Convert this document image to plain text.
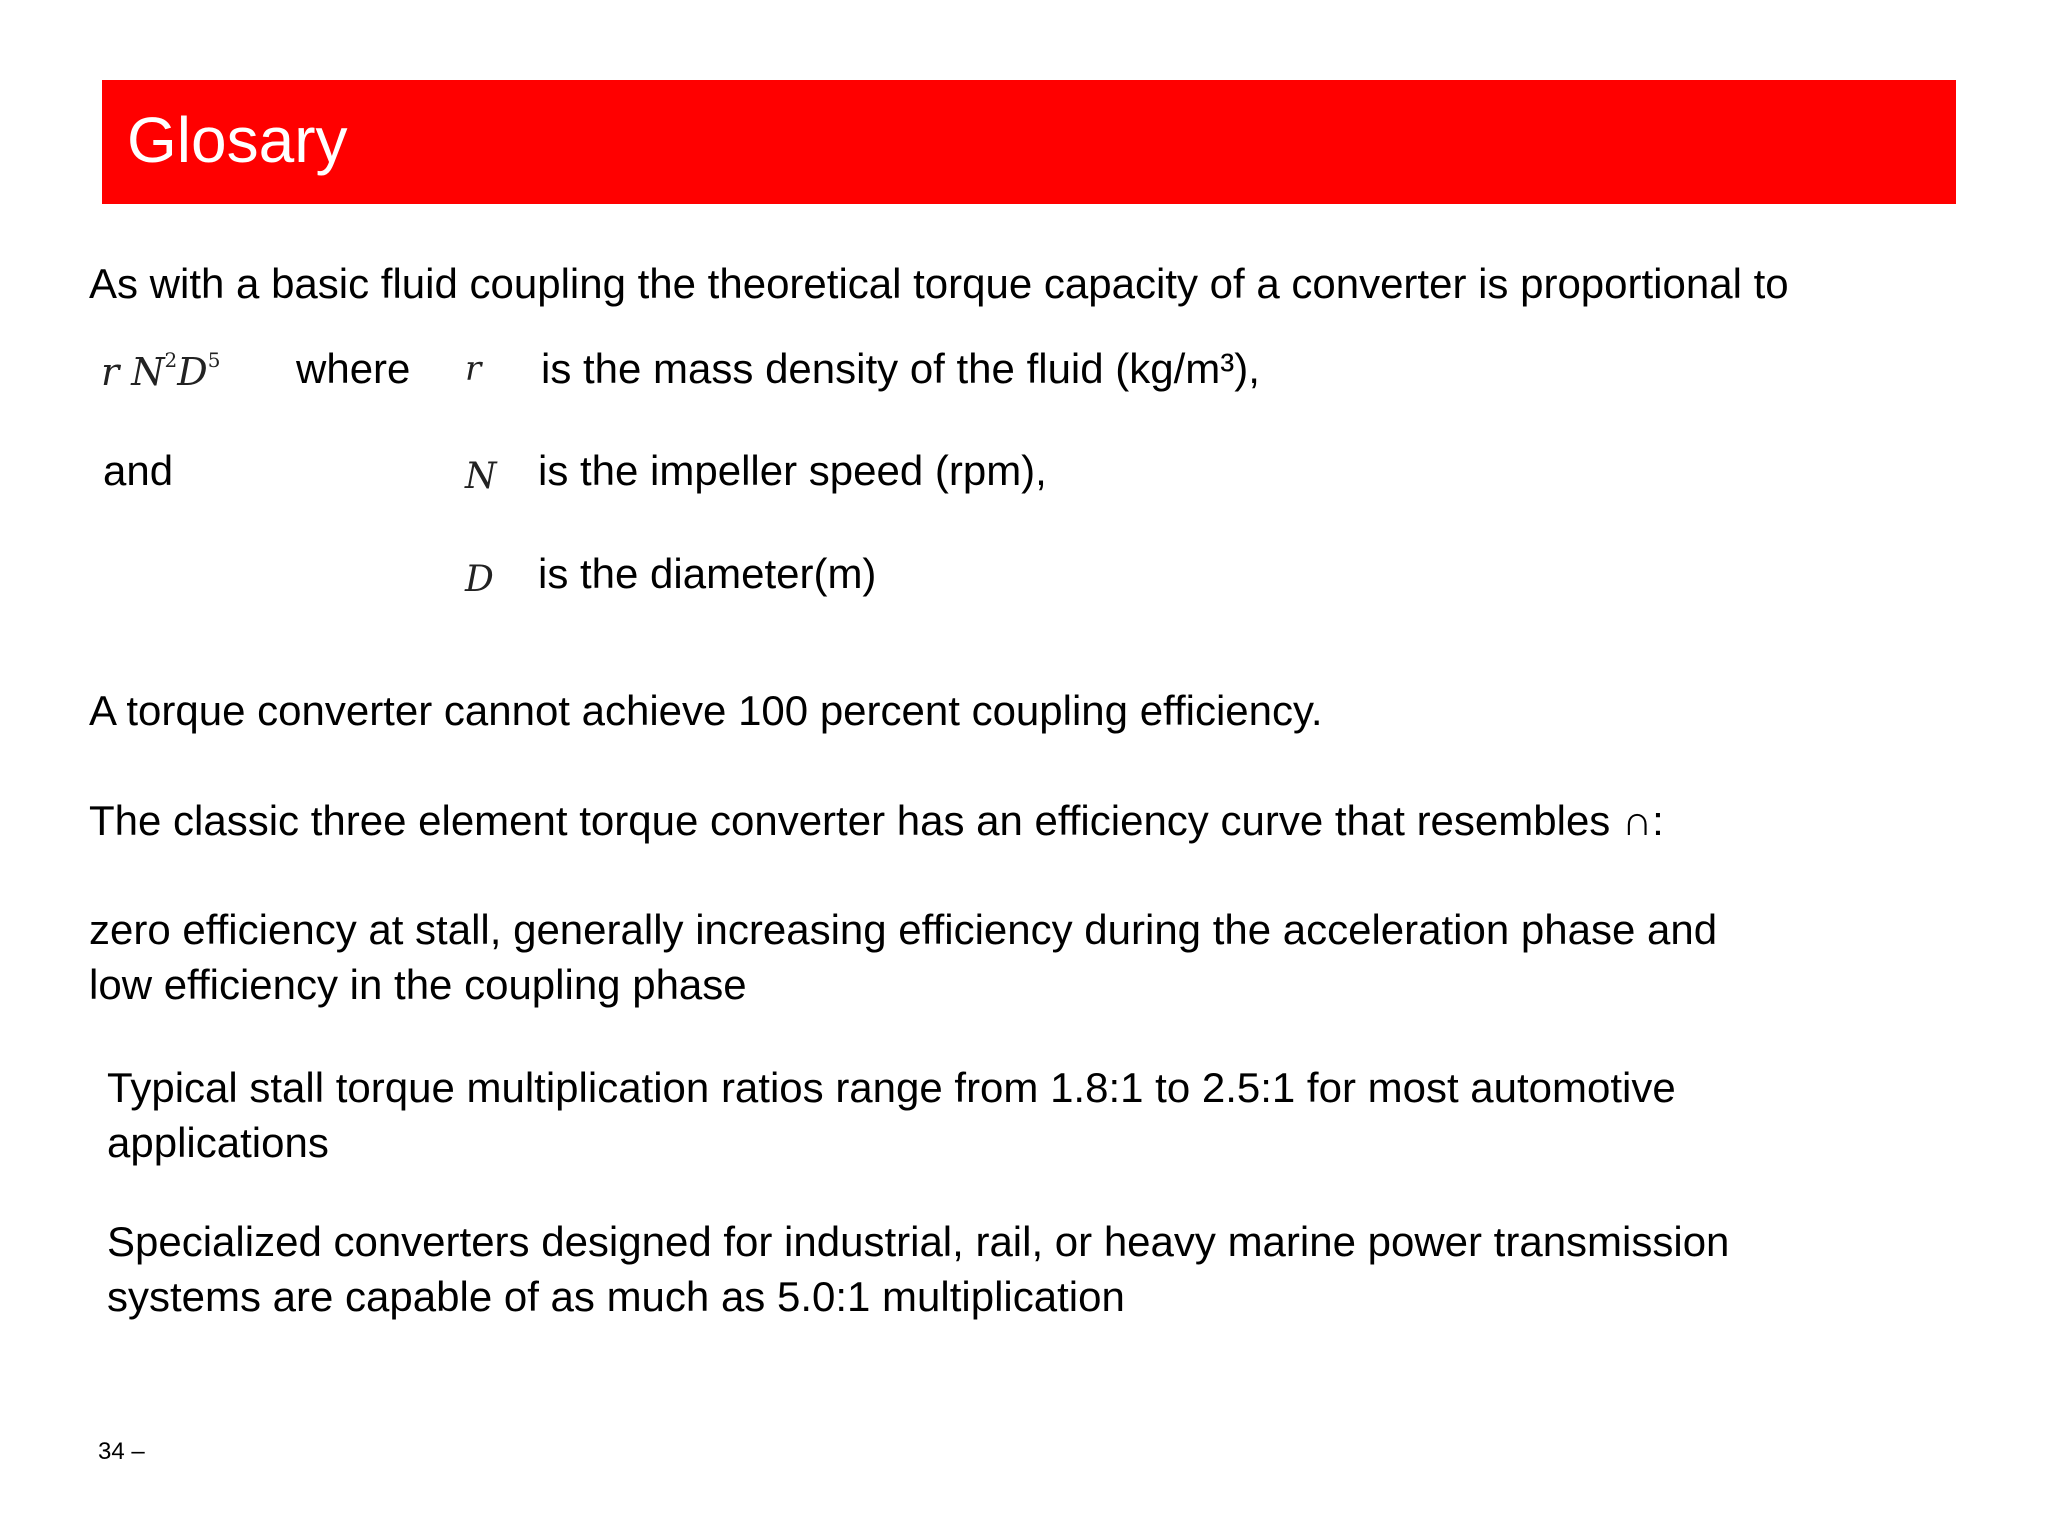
Glosary
As with a basic fluid coupling the theoretical torque capacity of a converter is proportional to
r $N^2D^5$ where r is the mass density of the fluid (kg/m³),
and	N is the impeller speed (rpm),
D is the diameter(m)
A torque converter cannot achieve 100 percent coupling efficiency.
The classic three element torque converter has an efficiency curve that resembles ∩:
zero efficiency at stall, generally increasing efficiency during the acceleration phase and
low efficiency in the coupling phase
Typical stall torque multiplication ratios range from 1.8:1 to 2.5:1 for most automotive
applications
Specialized converters designed for industrial, rail, or heavy marine power transmission
systems are capable of as much as 5.0:1 multiplication
34 –
